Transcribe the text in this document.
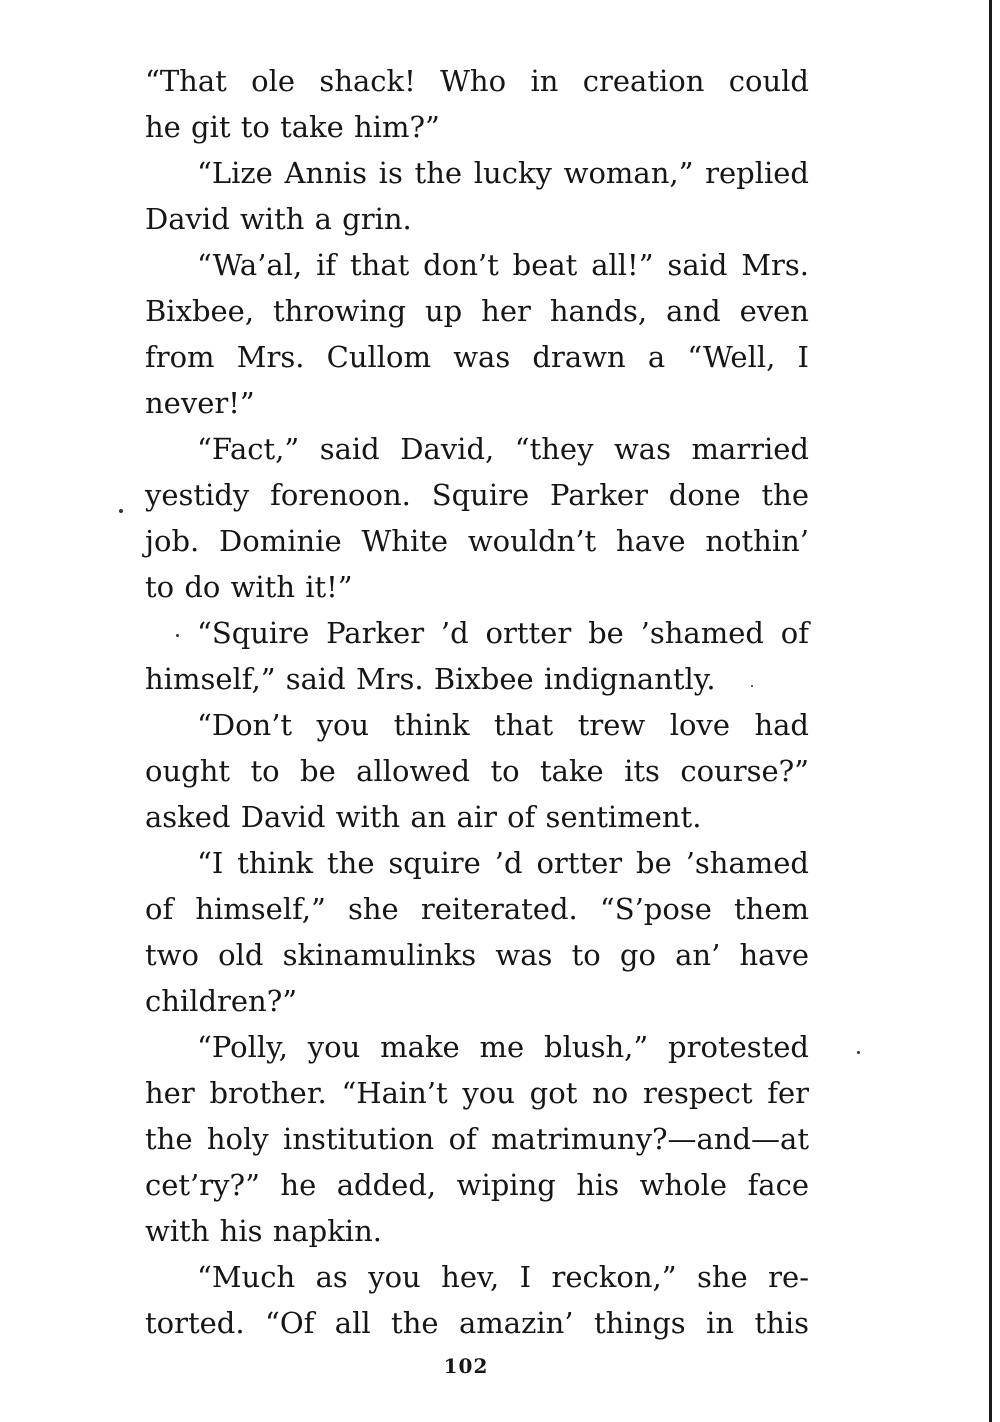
“That ole shack! Who in creation could
he git to take him?”
“Lize Annis is the lucky woman,” replied
David with a grin.
“Wa’al, if that don’t beat all!” said Mrs.
Bixbee, throwing up her hands, and even
from Mrs. Cullom was drawn a “Well, I
never!”
“Fact,” said David, “they was married
yestidy forenoon. Squire Parker done the
job. Dominie White wouldn’t have nothin’
to do with it!”
“Squire Parker ’d ortter be ’shamed of
himself,” said Mrs. Bixbee indignantly.
“Don’t you think that trew love had
ought to be allowed to take its course?”
asked David with an air of sentiment.
“I think the squire ’d ortter be ’shamed
of himself,” she reiterated. “S’pose them
two old skinamulinks was to go an’ have
children?”
“Polly, you make me blush,” protested
her brother. “Hain’t you got no respect fer
the holy institution of matrimuny?—and—at
cet’ry?” he added, wiping his whole face
with his napkin.
“Much as you hev, I reckon,” she re-
torted. “Of all the amazin’ things in this
102
